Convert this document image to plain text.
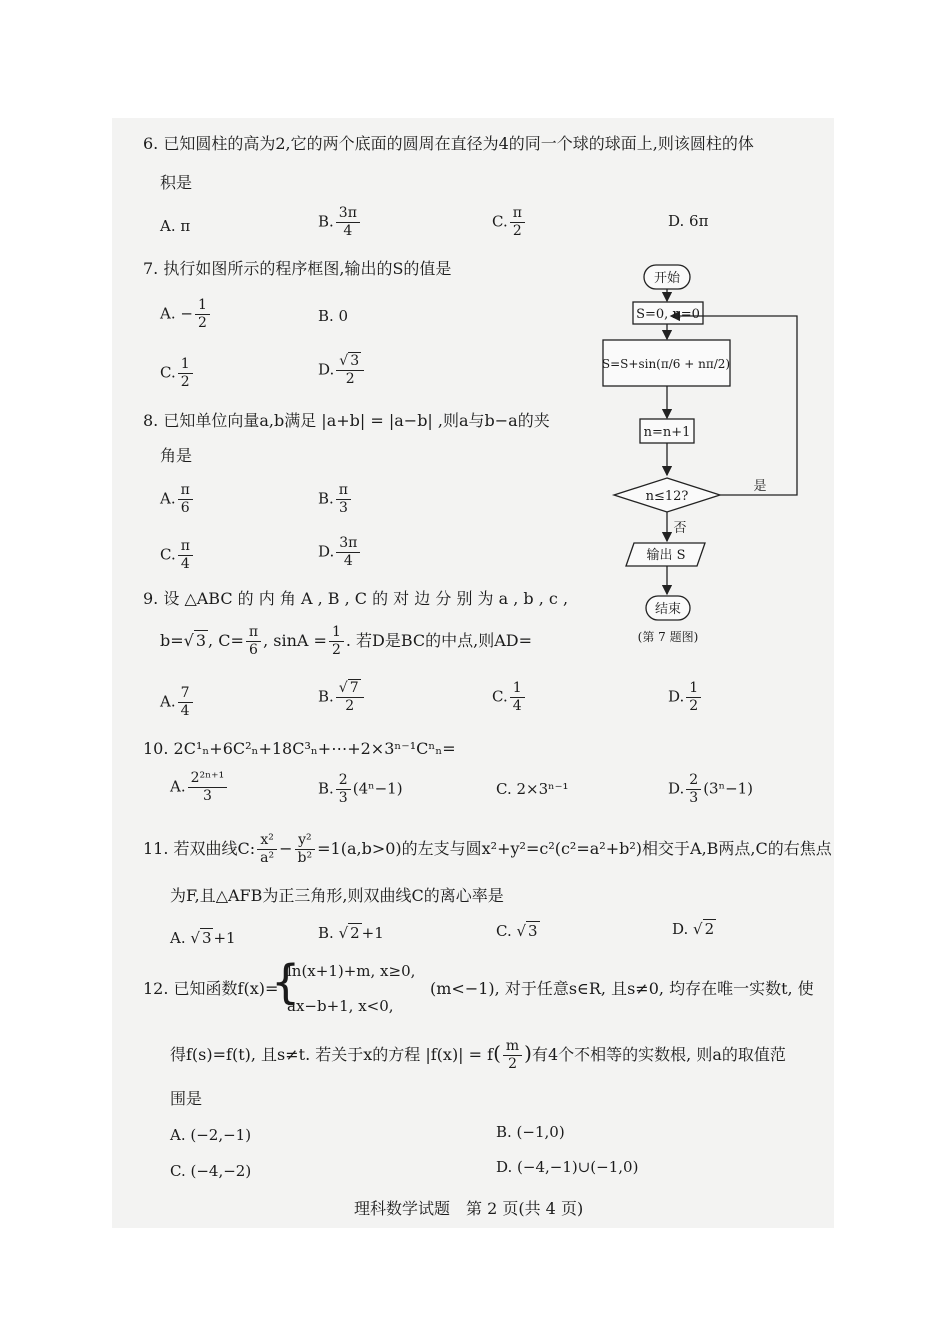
6. 已知圆柱的高为2,它的两个底面的圆周在直径为4的同一个球的球面上,则该圆柱的体
积是
A. π	B. $\frac{3\pi}{4}$	C. $\frac{\pi}{2}$	D. 6π
7. 执行如图所示的程序框图,输出的S的值是
A. − $\frac{1}{2}$	B. 0
C. $\frac{1}{2}$	D. $\frac{√ 3}{2}$
8. 已知单位向量a,b满足 |a+b| = |a−b| ,则a与b−a的夹
角是
A. $\frac{\pi}{6}$	B. $\frac{\pi}{3}$
C. $\frac{\pi}{4}$	D. $\frac{3\pi}{4}$
9. 设 △ABC 的 内 角 A , B , C 的 对 边 分 别 为 a , b , c ,
b=√ 3 , $C= \frac{\pi}{6}$ , $\sin A = \frac{1}{2}$ . 若D是BC的中点,则AD=
A. $\frac{7}{4}$	B. $\frac{√ 7}{2}$	C. $\frac{1}{4}$	D. $\frac{1}{2}$
10. 2C¹ₙ+6C²ₙ+18C³ₙ+⋯+2×3ⁿ⁻¹Cⁿₙ=
A. $\frac{\text{2²ⁿ⁺¹}}{3}$	B. $\frac{2}{3} (4^n-1)$	C. 2×3ⁿ⁻¹	D. $\frac{2}{3} (3^n-1)$
11. 若双曲线C: $\frac{\text{x²}}{\text{a²}} - \frac{\text{y²}}{\text{b²}} =1(a,b>0)$的左支与圆x²+y²=c²(c²=a²+b²)相交于A,B两点,C的右焦点
为F,且△AFB为正三角形,则双曲线C的离心率是
A. √ 3 +1	B. √ 2 +1	C. √ 3	D. √ 2
12. 已知函数f(x)=
{
ln(x+1)+m, x≥0,
ax−b+1, x<0,
(m<−1), 对于任意s∈R, 且s≠0, 均存在唯一实数t, 使
得f(s)=f(t), 且s≠t. 若关于x的方程 $|f(x)| = f( \frac{m}{2}$ )有4个不相等的实数根, 则a的取值范
围是
A. (−2,−1)	B. (−1,0)
C. (−4,−2)	D. (−4,−1)∪(−1,0)
理科数学试题　第 2 页(共 4 页)
开始
S=0, n=0
S=S+sin(π/6 + nπ/2)
n=n+1
n≤12?
是
否
输出 S
结束
(第 7 题图)
